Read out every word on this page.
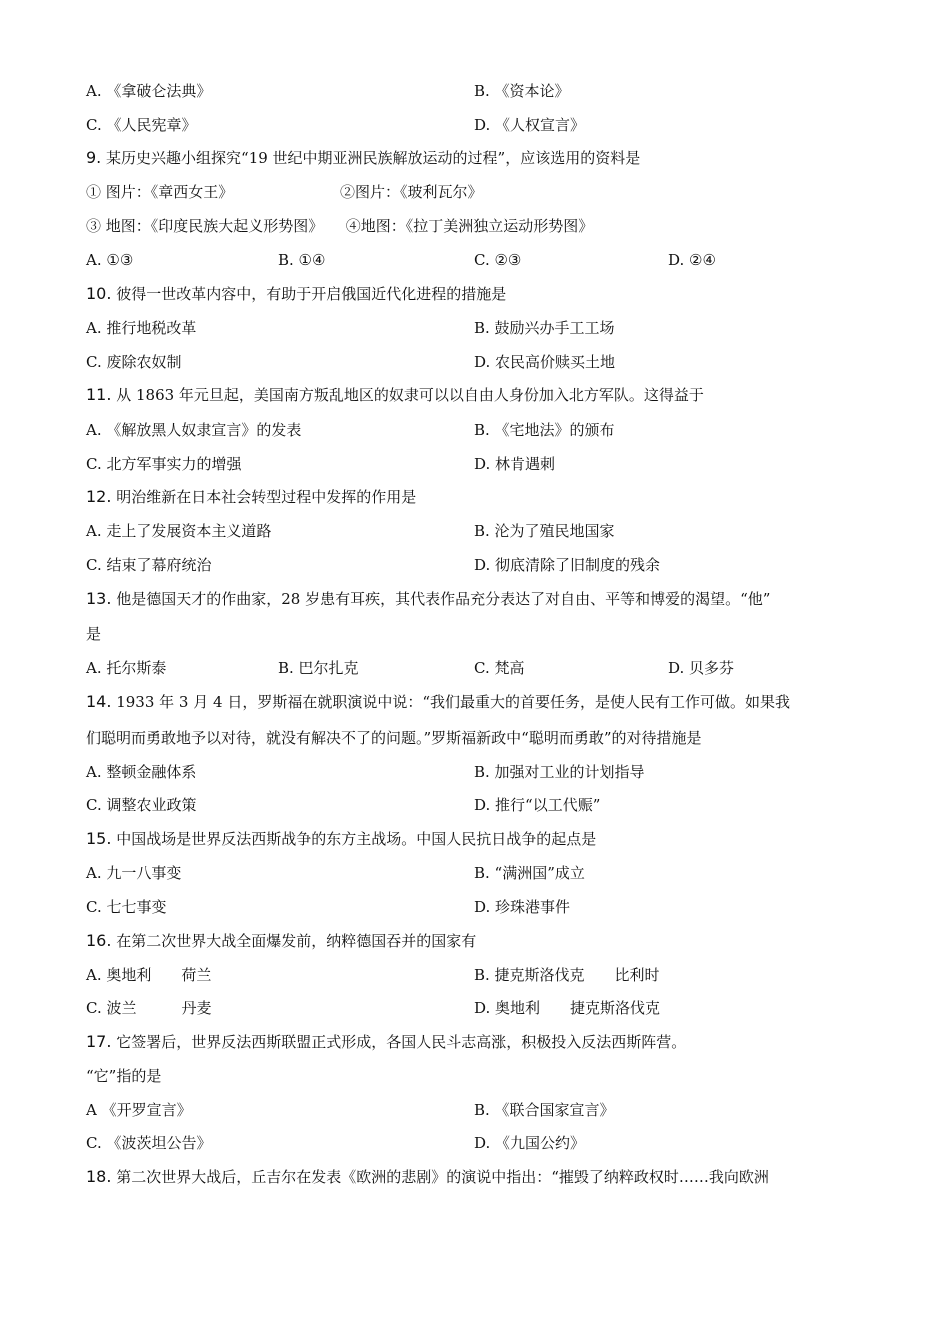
A. 《拿破仑法典》	B. 《资本论》
C. 《人民宪章》	D. 《人权宣言》
9. 某历史兴趣小组探究“19 世纪中期亚洲民族解放运动的过程”，应该选用的资料是
① 图片：《章西女王》	②图片：《玻利瓦尔》
③ 地图：《印度民族大起义形势图》　　④地图：《拉丁美洲独立运动形势图》
A. ①③	B. ①④	C. ②③	D. ②④
10. 彼得一世改革内容中，有助于开启俄国近代化进程的措施是
A. 推行地税改革	B. 鼓励兴办手工工场
C. 废除农奴制	D. 农民高价赎买土地
11. 从 1863 年元旦起，美国南方叛乱地区的奴隶可以以自由人身份加入北方军队。这得益于
A. 《解放黑人奴隶宣言》的发表	B. 《宅地法》的颁布
C. 北方军事实力的增强	D. 林肯遇刺
12. 明治维新在日本社会转型过程中发挥的作用是
A. 走上了发展资本主义道路	B. 沦为了殖民地国家
C. 结束了幕府统治	D. 彻底清除了旧制度的残余
13. 他是德国天才的作曲家，28 岁患有耳疾，其代表作品充分表达了对自由、平等和博爱的渴望。“他”
是
A. 托尔斯泰	B. 巴尔扎克	C. 梵高	D. 贝多芬
14. 1933 年 3 月 4 日，罗斯福在就职演说中说：“我们最重大的首要任务，是使人民有工作可做。如果我
们聪明而勇敢地予以对待，就没有解决不了的问题。”罗斯福新政中“聪明而勇敢”的对待措施是
A. 整顿金融体系	B. 加强对工业的计划指导
C. 调整农业政策	D. 推行“以工代赈”
15. 中国战场是世界反法西斯战争的东方主战场。中国人民抗日战争的起点是
A. 九一八事变	B. “满洲国”成立
C. 七七事变	D. 珍珠港事件
16. 在第二次世界大战全面爆发前，纳粹德国吞并的国家有
A. 奥地利　　荷兰	B. 捷克斯洛伐克　　比利时
C. 波兰　　　丹麦	D. 奥地利　　捷克斯洛伐克
17. 它签署后，世界反法西斯联盟正式形成，各国人民斗志高涨，积极投入反法西斯阵营。
“它”指的是
A 《开罗宣言》	B. 《联合国家宣言》
C. 《波茨坦公告》	D. 《九国公约》
18. 第二次世界大战后，丘吉尔在发表《欧洲的悲剧》的演说中指出：“摧毁了纳粹政权时……我向欧洲
